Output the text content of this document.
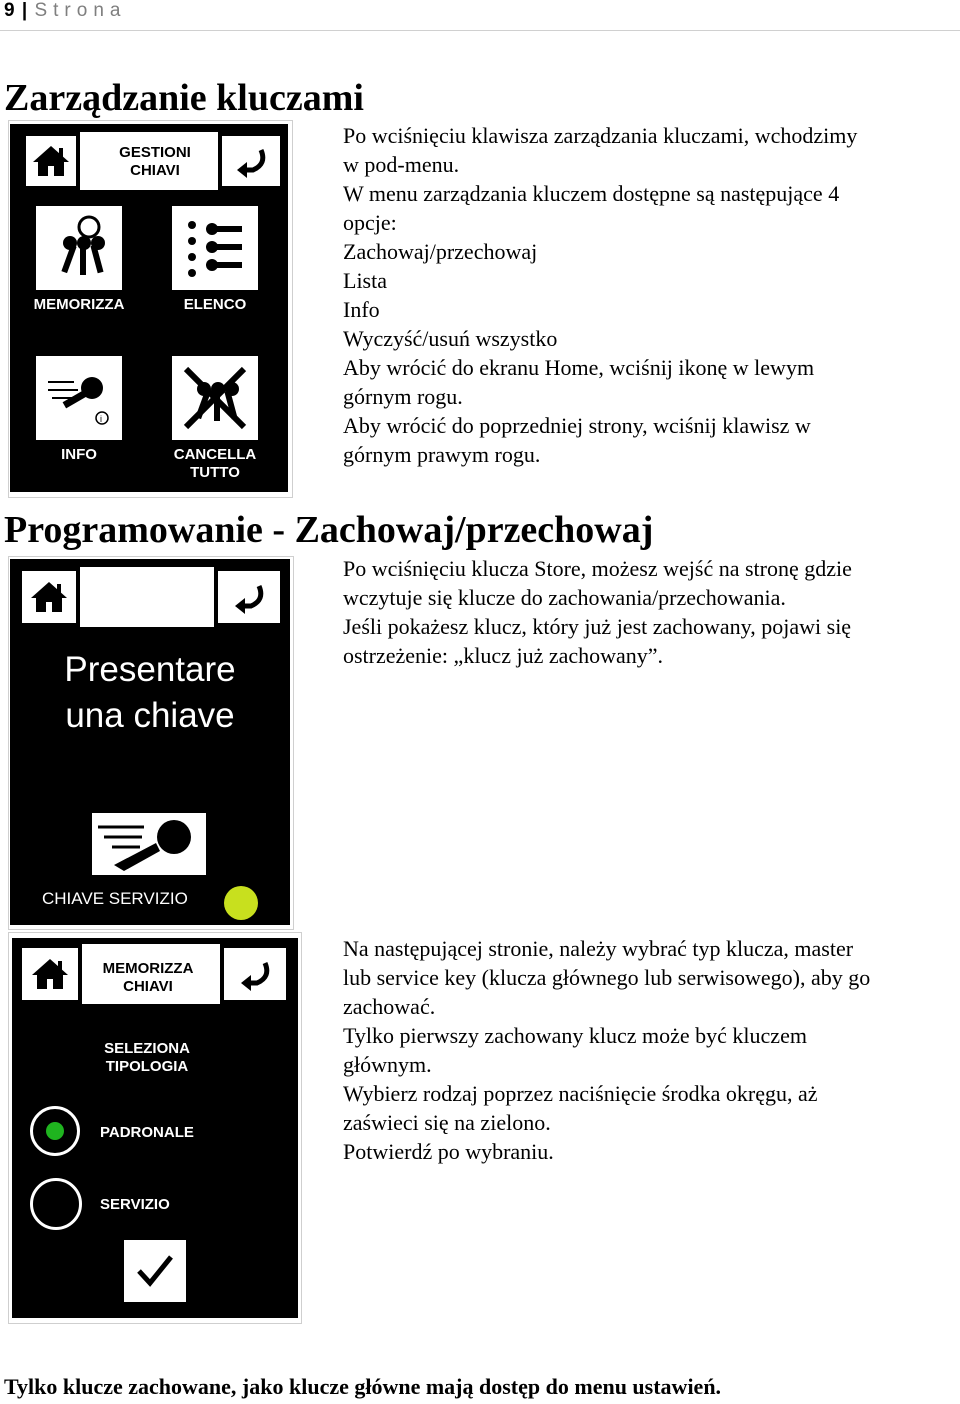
9 | Strona
Zarządzanie kluczami
GESTIONI
CHIAVI
MEMORIZZA	ELENCO
i
INFO	CANCELLA
TUTTO
Po wciśnięciu klawisza zarządzania kluczami, wchodzimy
w pod-menu.
W menu zarządzania kluczem dostępne są następujące 4
opcje:
Zachowaj/przechowaj
Lista
Info
Wyczyść/usuń wszystko
Aby wrócić do ekranu Home, wciśnij ikonę w lewym
górnym rogu.
Aby wrócić do poprzedniej strony, wciśnij klawisz w
górnym prawym rogu.
Programowanie - Zachowaj/przechowaj
Presentare
una chiave
CHIAVE SERVIZIO
Po wciśnięciu klucza Store, możesz wejść na stronę gdzie
wczytuje się klucze do zachowania/przechowania.
Jeśli pokażesz klucz, który już jest zachowany, pojawi się
ostrzeżenie: „klucz już zachowany”.
MEMORIZZA
CHIAVI
SELEZIONA
TIPOLOGIA
PADRONALE
SERVIZIO
Na następującej stronie, należy wybrać typ klucza, master
lub service key (klucza głównego lub serwisowego), aby go
zachować.
Tylko pierwszy zachowany klucz może być kluczem
głównym.
Wybierz rodzaj poprzez naciśnięcie środka okręgu, aż
zaświeci się na zielono.
Potwierdź po wybraniu.
Tylko klucze zachowane, jako klucze główne mają dostęp do menu ustawień.
